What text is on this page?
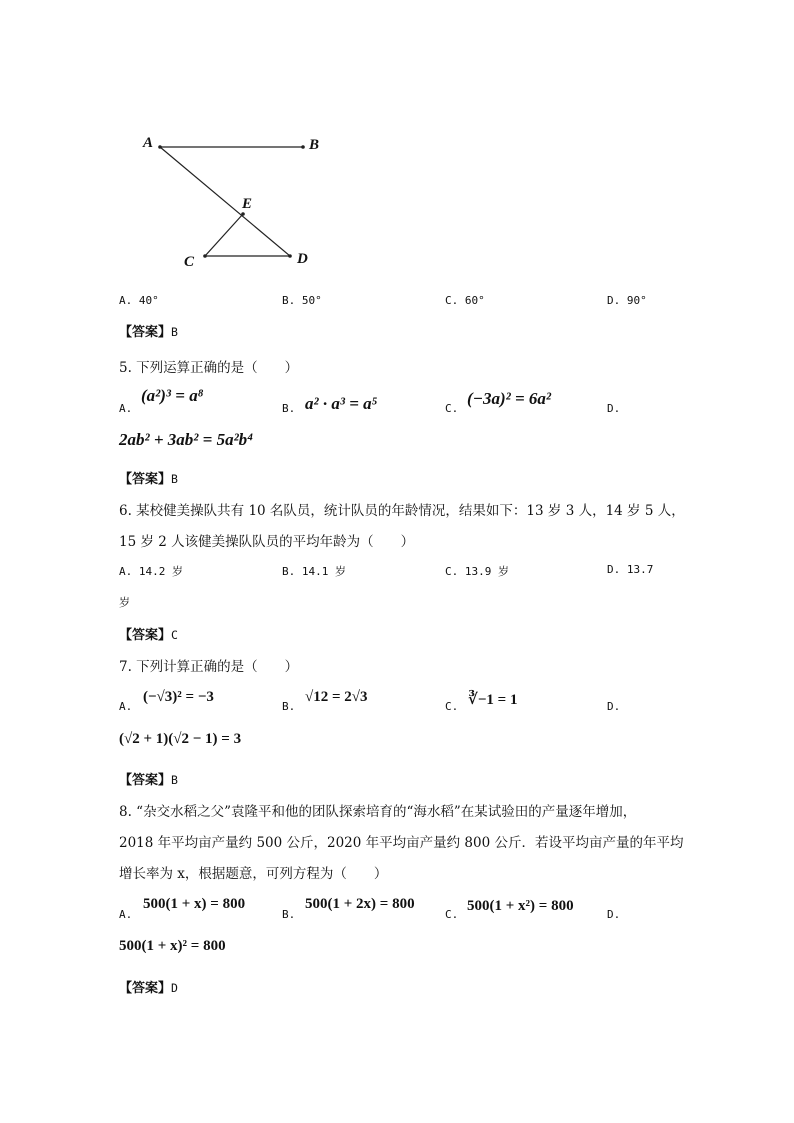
A	B
E
C	D
A. 40°	B. 50°	C. 60°	D. 90°
【答案】B
5. 下列运算正确的是（　　）
A.
(a²)³ = a⁸
B. a² · a³ = a⁵	C.
(−3a)² = 6a²
D.
2ab² + 3ab² = 5a²b⁴
【答案】B
6. 某校健美操队共有 10 名队员，统计队员的年龄情况，结果如下：13 岁 3 人，14 岁 5 人，
15 岁 2 人该健美操队队员的平均年龄为（　　）
A. 14.2 岁	B. 14.1 岁	C. 13.9 岁	D. 13.7
岁
【答案】C
7. 下列计算正确的是（　　）
A.
(−√3)² = −3
B.
√12 = 2√3
C. ∛−1 = 1	D.
(√2 + 1)(√2 − 1) = 3
【答案】B
8. “杂交水稻之父”袁隆平和他的团队探索培育的“海水稻”在某试验田的产量逐年增加，
2018 年平均亩产量约 500 公斤，2020 年平均亩产量约 800 公斤．若设平均亩产量的年平均
增长率为 x，根据题意，可列方程为（　　）
A.
500(1 + x) = 800
B.
500(1 + 2x) = 800
C.
500(1 + x²) = 800
D.
500(1 + x)² = 800
【答案】D
